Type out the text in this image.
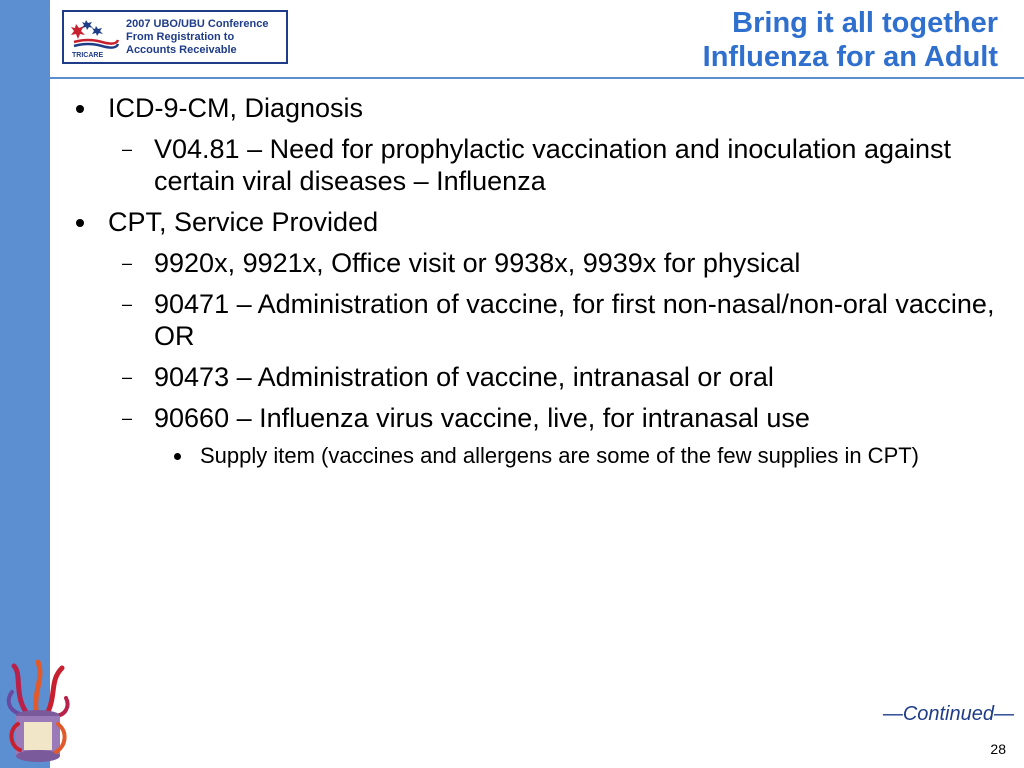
TRICARE
2007 UBO/UBU Conference
From Registration to
Accounts Receivable
Bring it all together
Influenza for an Adult
ICD-9-CM, Diagnosis
– V04.81 – Need for prophylactic vaccination and inoculation against certain viral diseases – Influenza
CPT, Service Provided
– 9920x, 9921x, Office visit or 9938x, 9939x for physical
– 90471 – Administration of vaccine, for first non-nasal/non-oral vaccine, OR
– 90473 – Administration of vaccine, intranasal or oral
– 90660 – Influenza virus vaccine, live, for intranasal use
Supply item (vaccines and allergens are some of the few supplies in CPT)
—Continued—
28
